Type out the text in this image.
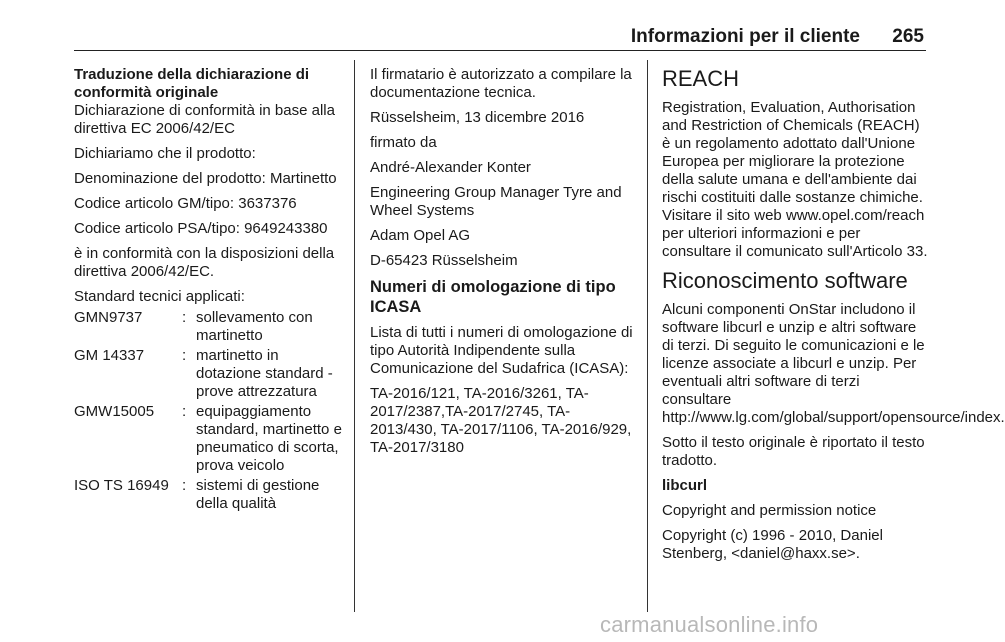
Informazioni per il cliente 265

Traduzione della dichiarazione di conformità originale

Dichiarazione di conformità in base alla direttiva EC 2006/42/EC

Dichiariamo che il prodotto:

Denominazione del prodotto: Martinetto

Codice articolo GM/tipo: 3637376

Codice articolo PSA/tipo: 9649243380

è in conformità con la disposizioni della direttiva 2006/42/EC.

Standard tecnici applicati:

GMN9737	: sollevamento con martinetto
GM 14337	: martinetto in dotazione standard - prove attrezzatura
GMW15005	: equipaggiamento standard, martinetto e pneumatico di scorta, prova veicolo
ISO TS 16949 : sistemi di gestione della qualità

Il firmatario è autorizzato a compilare la documentazione tecnica.

Rüsselsheim, 13 dicembre 2016

firmato da

André-Alexander Konter

Engineering Group Manager Tyre and Wheel Systems

Adam Opel AG

D-65423 Rüsselsheim

Numeri di omologazione di tipo ICASA

Lista di tutti i numeri di omologazione di tipo Autorità Indipendente sulla Comunicazione del Sudafrica (ICASA):

TA-2016/121, TA-2016/3261, TA-2017/2387,TA-2017/2745, TA-2013/430, TA-2017/1106, TA-2016/929, TA-2017/3180

REACH

Registration, Evaluation, Authorisation and Restriction of Chemicals (REACH) è un regolamento adottato dall'Unione Europea per migliorare la protezione della salute umana e dell'ambiente dai rischi costituiti dalle sostanze chimiche. Visitare il sito web www.opel.com/reach per ulteriori informazioni e per consultare il comunicato sull'Articolo 33.

Riconoscimento software

Alcuni componenti OnStar includono il software libcurl e unzip e altri software di terzi. Di seguito le comunicazioni e le licenze associate a libcurl e unzip. Per eventuali altri software di terzi consultare http://www.lg.com/global/support/opensource/index.

Sotto il testo originale è riportato il testo tradotto.

libcurl

Copyright and permission notice

Copyright (c) 1996 - 2010, Daniel Stenberg, <daniel@haxx.se>.

carmanualsonline.info
